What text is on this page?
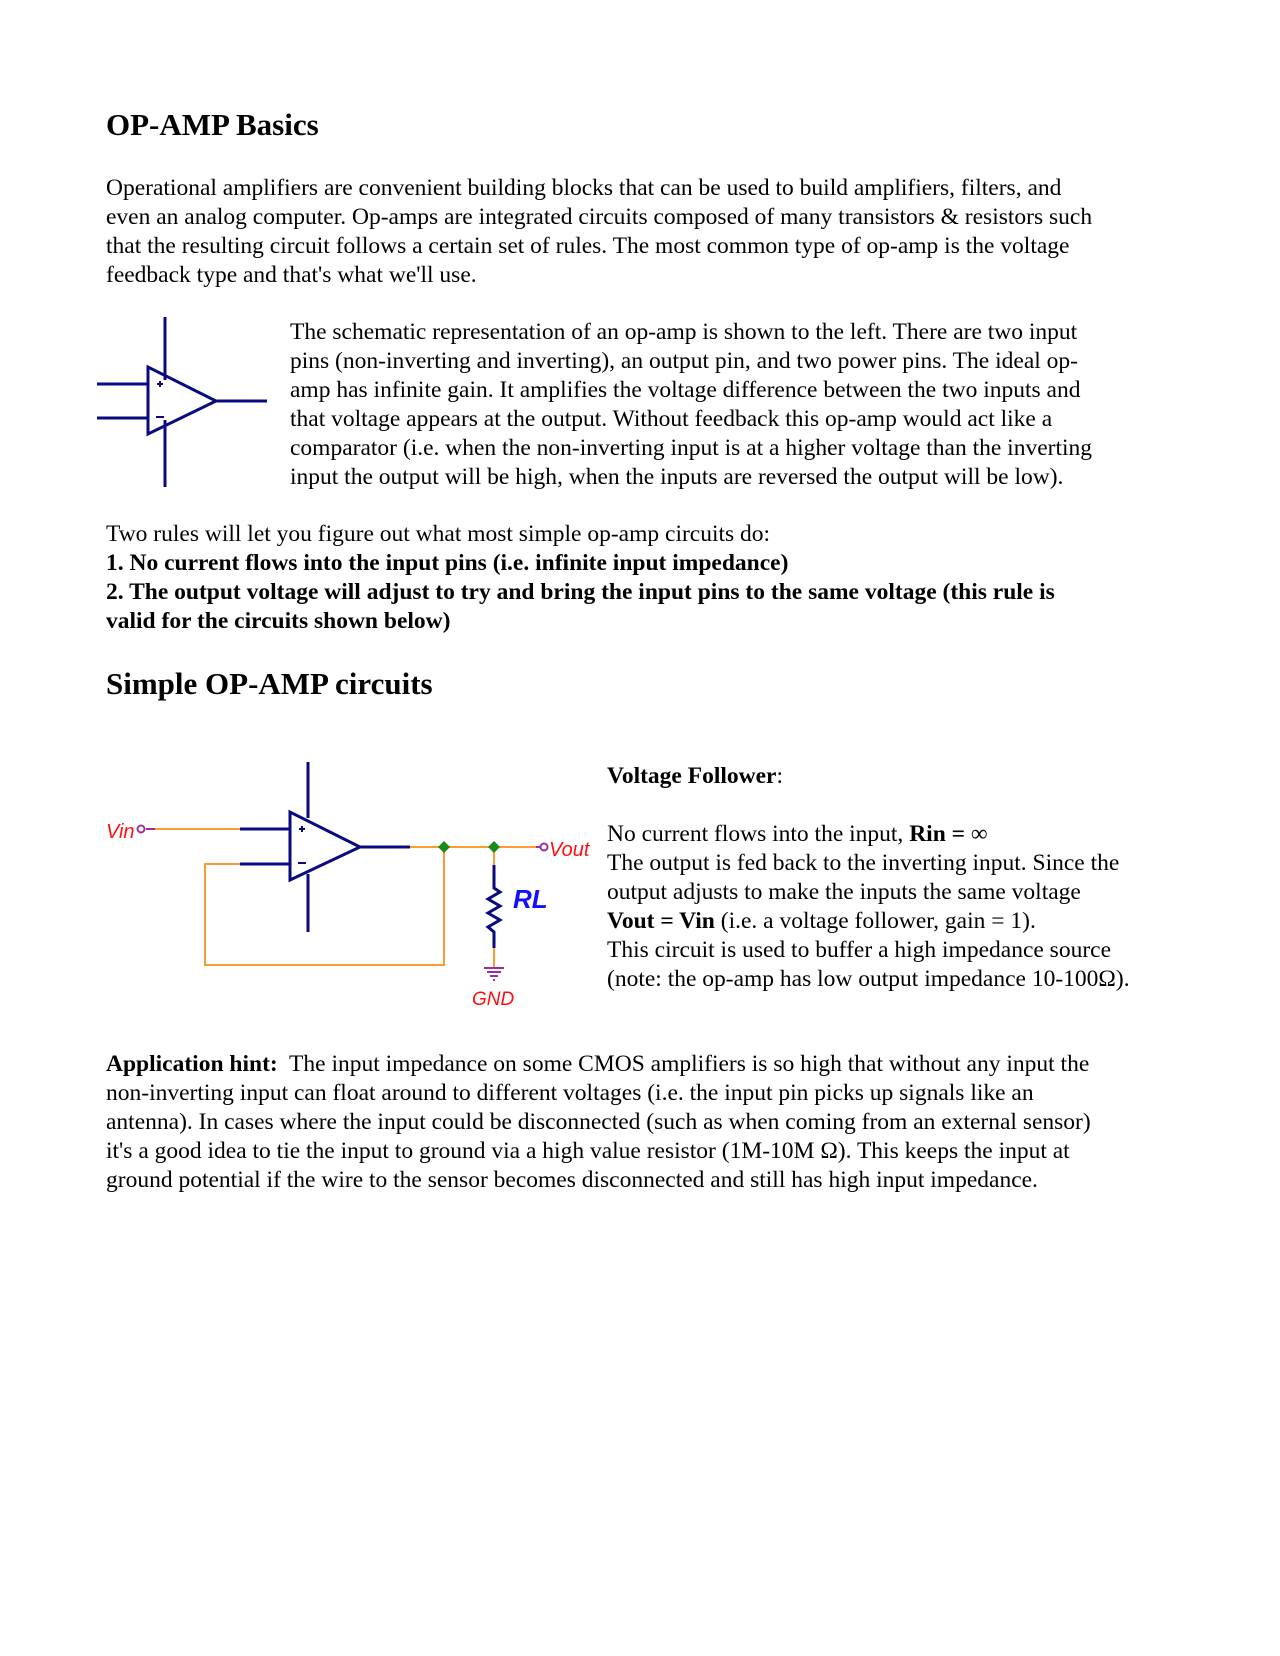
OP-AMP Basics
Operational amplifiers are convenient building blocks that can be used to build amplifiers, filters, and
even an analog computer. Op-amps are integrated circuits composed of many transistors & resistors such
that the resulting circuit follows a certain set of rules. The most common type of op-amp is the voltage
feedback type and that's what we'll use.
Vin
Vout
RL
GND
The schematic representation of an op-amp is shown to the left. There are two input
pins (non-inverting and inverting), an output pin, and two power pins. The ideal op-
amp has infinite gain. It amplifies the voltage difference between the two inputs and
that voltage appears at the output. Without feedback this op-amp would act like a
comparator (i.e. when the non-inverting input is at a higher voltage than the inverting
input the output will be high, when the inputs are reversed the output will be low).
Two rules will let you figure out what most simple op-amp circuits do:
1. No current flows into the input pins (i.e. infinite input impedance)
2. The output voltage will adjust to try and bring the input pins to the same voltage (this rule is
valid for the circuits shown below)
Simple OP-AMP circuits
Voltage Follower:
No current flows into the input, Rin = ∞
The output is fed back to the inverting input. Since the
output adjusts to make the inputs the same voltage
Vout = Vin (i.e. a voltage follower, gain = 1).
This circuit is used to buffer a high impedance source
(note: the op-amp has low output impedance 10-100Ω).
Application hint:  The input impedance on some CMOS amplifiers is so high that without any input the
non-inverting input can float around to different voltages (i.e. the input pin picks up signals like an
antenna). In cases where the input could be disconnected (such as when coming from an external sensor)
it's a good idea to tie the input to ground via a high value resistor (1M-10M Ω). This keeps the input at
ground potential if the wire to the sensor becomes disconnected and still has high input impedance.
